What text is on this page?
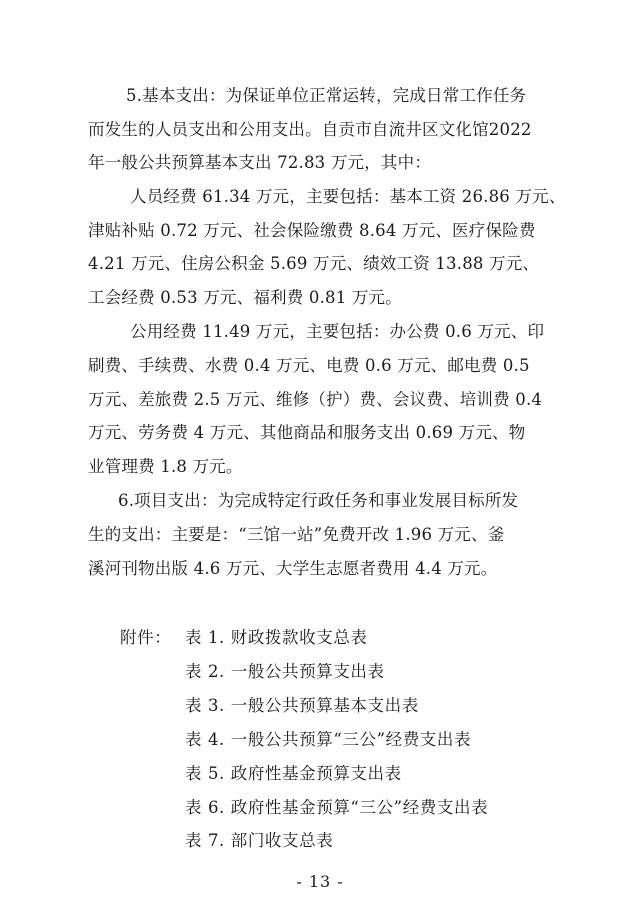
5.基本支出：为保证单位正常运转，完成日常工作任务
而发生的人员支出和公用支出。自贡市自流井区文化馆2022
年一般公共预算基本支出 72.83 万元，其中：
人员经费 61.34 万元，主要包括：基本工资 26.86 万元、
津贴补贴 0.72 万元、社会保险缴费 8.64 万元、医疗保险费
4.21 万元、住房公积金 5.69 万元、绩效工资 13.88 万元、
工会经费 0.53 万元、福利费 0.81 万元。
公用经费 11.49 万元，主要包括：办公费 0.6 万元、印
刷费、手续费、水费 0.4 万元、电费 0.6 万元、邮电费 0.5
万元、差旅费 2.5 万元、维修（护）费、会议费、培训费 0.4
万元、劳务费 4 万元、其他商品和服务支出 0.69 万元、物
业管理费 1.8 万元。
6.项目支出：为完成特定行政任务和事业发展目标所发
生的支出：主要是：“三馆一站”免费开改 1.96 万元、釜
溪河刊物出版 4.6 万元、大学生志愿者费用 4.4 万元。
附件： 表 1. 财政拨款收支总表
表 2. 一般公共预算支出表
表 3. 一般公共预算基本支出表
表 4. 一般公共预算“三公”经费支出表
表 5. 政府性基金预算支出表
表 6. 政府性基金预算“三公”经费支出表
表 7. 部门收支总表
- 13 -
